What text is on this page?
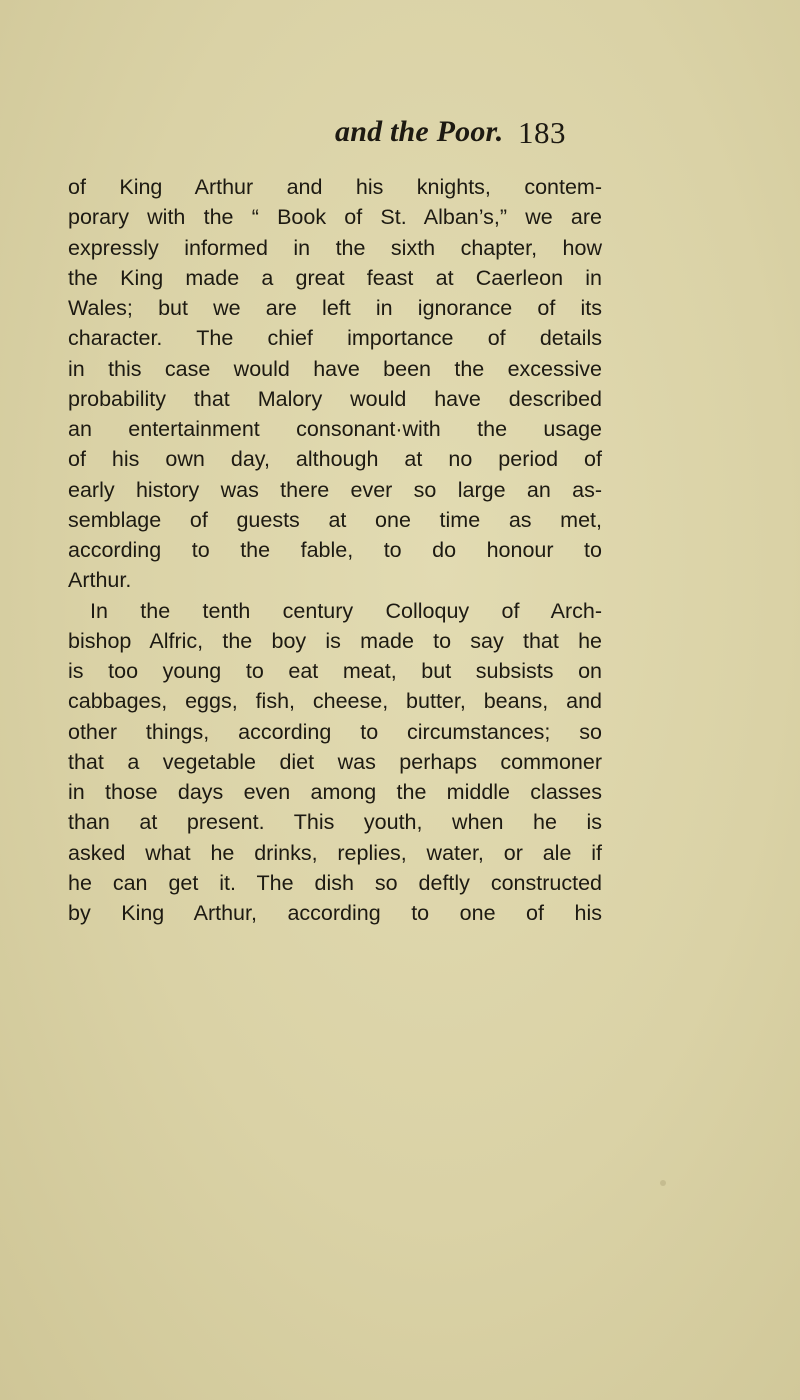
and the Poor. 183
of King Arthur and his knights, contem-
porary with the “ Book of St. Alban’s,” we are
expressly informed in the sixth chapter, how
the King made a great feast at Caerleon in
Wales; but we are left in ignorance of its
character. The chief importance of details
in this case would have been the excessive
probability that Malory would have described
an entertainment consonant·with the usage
of his own day, although at no period of
early history was there ever so large an as-
semblage of guests at one time as met,
according to the fable, to do honour to
Arthur.
In the tenth century Colloquy of Arch-
bishop Alfric, the boy is made to say that he
is too young to eat meat, but subsists on
cabbages, eggs, fish, cheese, butter, beans, and
other things, according to circumstances; so
that a vegetable diet was perhaps commoner
in those days even among the middle classes
than at present. This youth, when he is
asked what he drinks, replies, water, or ale if
he can get it. The dish so deftly constructed
by King Arthur, according to one of his
